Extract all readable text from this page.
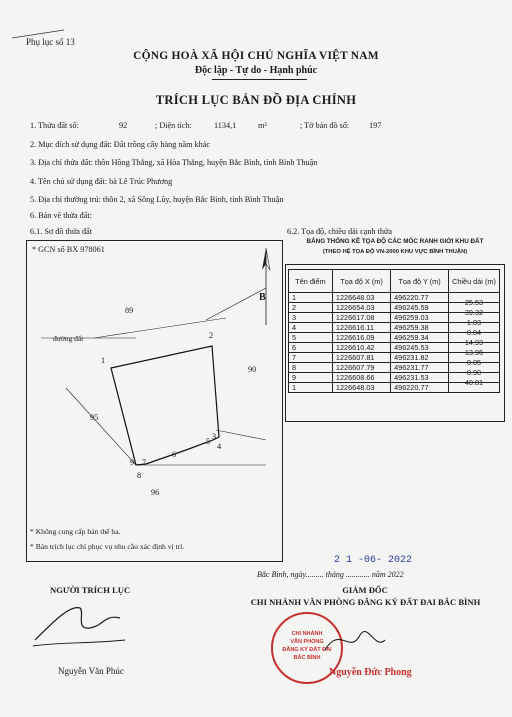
Phụ lục số 13
CỘNG HOÀ XÃ HỘI CHỦ NGHĨA VIỆT NAM
Độc lập - Tự do - Hạnh phúc
TRÍCH LỤC BẢN ĐỒ ĐỊA CHÍNH
1. Thửa đất số:	92	; Diện tích:	1134,1	m²	; Tờ bản đồ số: 197
2. Mục đích sử dụng đất: Đất trồng cây hàng năm khác
3. Địa chỉ thửa đất: thôn Hồng Thắng, xã Hòa Thắng, huyện Bắc Bình, tỉnh Bình Thuận
4. Tên chủ sử dụng đất: bà Lê Trúc Phương
5. Địa chỉ thường trú: thôn 2, xã Sông Lũy, huyện Bắc Bình, tỉnh Bình Thuận
6. Bản vẽ thửa đất:
6.1. Sơ đồ thửa đất	6.2. Tọa độ, chiều dài cạnh thửa
* GCN số BX 978061
B
đường đất
89
90
95
96
1
2
3
4
5
6
7
8
9
* Không cung cấp bản thế ba.
* Bản trích lục chỉ phục vụ nhu cầu xác định vị trí.
BẢNG THỐNG KÊ TỌA ĐỘ CÁC MỐC RANH GIỚI KHU ĐẤT
(THEO HỆ TỌA ĐỘ VN-2000 KHU VỰC BÌNH THUẬN)
Tên điểm	Tọa độ X (m)	Tọa độ Y (m)	Chiều dài (m)
1	1226648.03	496220.77	25.53
2	1226654.03	496245.59	39.32
3	1226617.08	496259.03	1.03
4	1226616.11	496259.38	0.04
5	1226616.09	496259.34	14.93
6	1226610.42	496245.53	13.96
7	1226607.81	496231.82	0.05
8	1226607.79	496231.77	0.90
9	1226608.66	496231.53	40.81
1	1226648.03	496220.77	
2 1 -06- 2022
Bắc Bình, ngày......... tháng ............ năm 2022
NGƯỜI TRÍCH LỤC	GIÁM ĐỐC
CHI NHÁNH VĂN PHÒNG ĐĂNG KÝ ĐẤT ĐAI BẮC BÌNH
Nguyễn Văn Phúc
CHI NHÁNH
VĂN PHÒNG
ĐĂNG KÝ ĐẤT ĐAI
BẮC BÌNH
Nguyễn Đức Phong
